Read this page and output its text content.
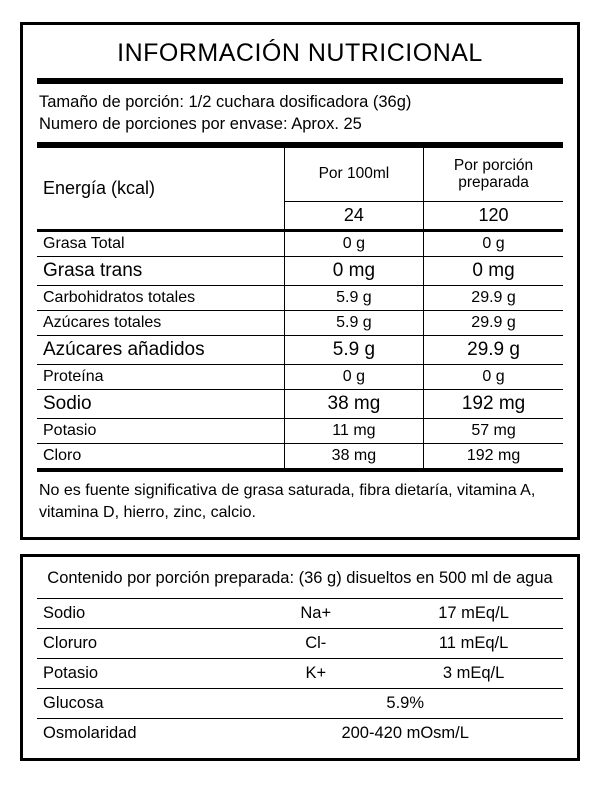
INFORMACIÓN NUTRICIONAL
Tamaño de porción: 1/2 cuchara dosificadora (36g)
Numero de porciones por envase: Aprox. 25
Energía (kcal)	Por 100ml	Por porción
preparada

	24	120
Grasa Total	0 g	0 g
Grasa trans	0 mg	0 mg
Carbohidratos totales	5.9 g	29.9 g
Azúcares totales	5.9 g	29.9 g
Azúcares añadidos	5.9 g	29.9 g
Proteína	0 g	0 g
Sodio	38 mg	192 mg
Potasio	11 mg	57 mg
Cloro	38 mg	192 mg
No es fuente significativa de grasa saturada, fibra dietaría, vitamina A, vitamina D, hierro, zinc, calcio.
Contenido por porción preparada: (36 g) disueltos en 500 ml de agua
Sodio	Na+	17 mEq/L
Cloruro	Cl-	11 mEq/L
Potasio	K+	3 mEq/L
Glucosa	5.9%	
Osmolaridad	200-420 mOsm/L	
